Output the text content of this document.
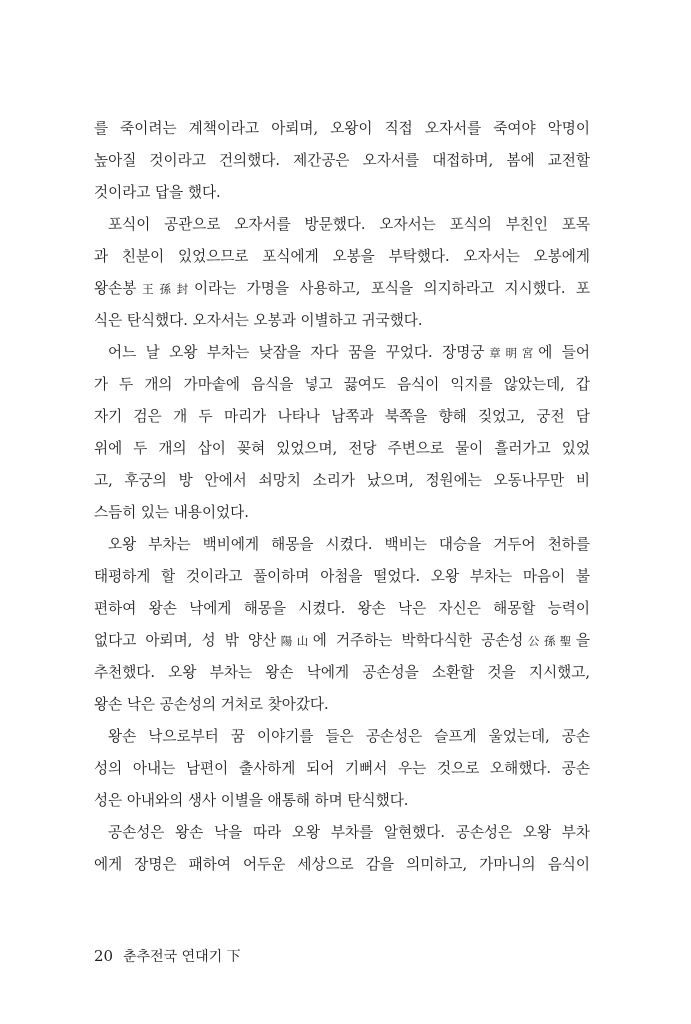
를 죽이려는 계책이라고 아뢰며, 오왕이 직접 오자서를 죽여야 악명이
높아질 것이라고 건의했다. 제간공은 오자서를 대접하며, 봄에 교전할
것이라고 답을 했다.
포식이 공관으로 오자서를 방문했다. 오자서는 포식의 부친인 포목
과 친분이 있었으므로 포식에게 오봉을 부탁했다. 오자서는 오봉에게
왕손봉王孫封이라는 가명을 사용하고, 포식을 의지하라고 지시했다. 포
식은 탄식했다. 오자서는 오봉과 이별하고 귀국했다.
어느 날 오왕 부차는 낮잠을 자다 꿈을 꾸었다. 장명궁章明宮에 들어
가 두 개의 가마솥에 음식을 넣고 끓여도 음식이 익지를 않았는데, 갑
자기 검은 개 두 마리가 나타나 남쪽과 북쪽을 향해 짖었고, 궁전 담
위에 두 개의 삽이 꽂혀 있었으며, 전당 주변으로 물이 흘러가고 있었
고, 후궁의 방 안에서 쇠망치 소리가 났으며, 정원에는 오동나무만 비
스듬히 있는 내용이었다.
오왕 부차는 백비에게 해몽을 시켰다. 백비는 대승을 거두어 천하를
태평하게 할 것이라고 풀이하며 아첨을 떨었다. 오왕 부차는 마음이 불
편하여 왕손 낙에게 해몽을 시켰다. 왕손 낙은 자신은 해몽할 능력이
없다고 아뢰며, 성 밖 양산陽山에 거주하는 박학다식한 공손성公孫聖을
추천했다. 오왕 부차는 왕손 낙에게 공손성을 소환할 것을 지시했고,
왕손 낙은 공손성의 거처로 찾아갔다.
왕손 낙으로부터 꿈 이야기를 들은 공손성은 슬프게 울었는데, 공손
성의 아내는 남편이 출사하게 되어 기뻐서 우는 것으로 오해했다. 공손
성은 아내와의 생사 이별을 애통해 하며 탄식했다.
공손성은 왕손 낙을 따라 오왕 부차를 알현했다. 공손성은 오왕 부차
에게 장명은 패하여 어두운 세상으로 감을 의미하고, 가마니의 음식이
20 춘추전국 연대기 下
